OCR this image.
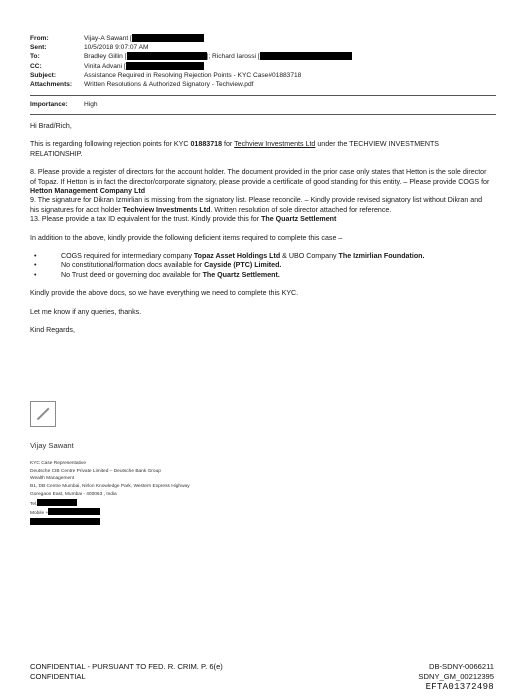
From:	Vijay-A Sawant [
Sent:	10/5/2018 9:07:07 AM
To:	Bradley Gillin [	]; Richard Iarossi [
CC:	Vinita Advani [
Subject:	Assistance Required in Resolving Rejection Points - KYC Case#01883718
Attachments:	Written Resolutions & Authorized Signatory - Techview.pdf
Importance:	High

Hi Brad/Rich,

This is regarding following rejection points for KYC 01883718 for Techview Investments Ltd under the TECHVIEW INVESTMENTS RELATIONSHIP.

8. Please provide a register of directors for the account holder. The document provided in the prior case only states that Hetton is the sole director of Topaz. If Hetton is in fact the director/corporate signatory, please provide a certificate of good standing for this entity. – Please provide COGS for Hetton Management Company Ltd

9. The signature for Dikran Izmirlian is missing from the signatory list. Please reconcile. – Kindly provide revised signatory list without Dikran and his signatures for acct holder Techview Investments Ltd. Written resolution of sole director attached for reference.

13. Please provide a tax ID equivalent for the trust. Kindly provide this for The Quartz Settlement

In addition to the above, kindly provide the following deficient items required to complete this case –

•	COGS required for intermediary company Topaz Asset Holdings Ltd & UBO Company The Izmirlian Foundation.

•	No constitutional/formation docs available for Cayside (PTC) Limited.

•	No Trust deed or governing doc available for The Quartz Settlement.

Kindly provide the above docs, so we have everything we need to complete this KYC.

Let me know if any queries, thanks.

Kind Regards,

Vijay Sawant
KYC Case Representative
Deutsche CIB Centre Private Limited – Deutsche Bank Group
Wealth Management
B1, DB Centre Mumbai, Nirlon Knowledge Park, Western Express Highway
Goregaon East, Mumbai - 400063 , India
Tel.
Mobile +
CONFIDENTIAL - PURSUANT TO FED. R. CRIM. P. 6(e)
CONFIDENTIAL
DB-SDNY-0066211
SDNY_GM_00212395
EFTA01372498
